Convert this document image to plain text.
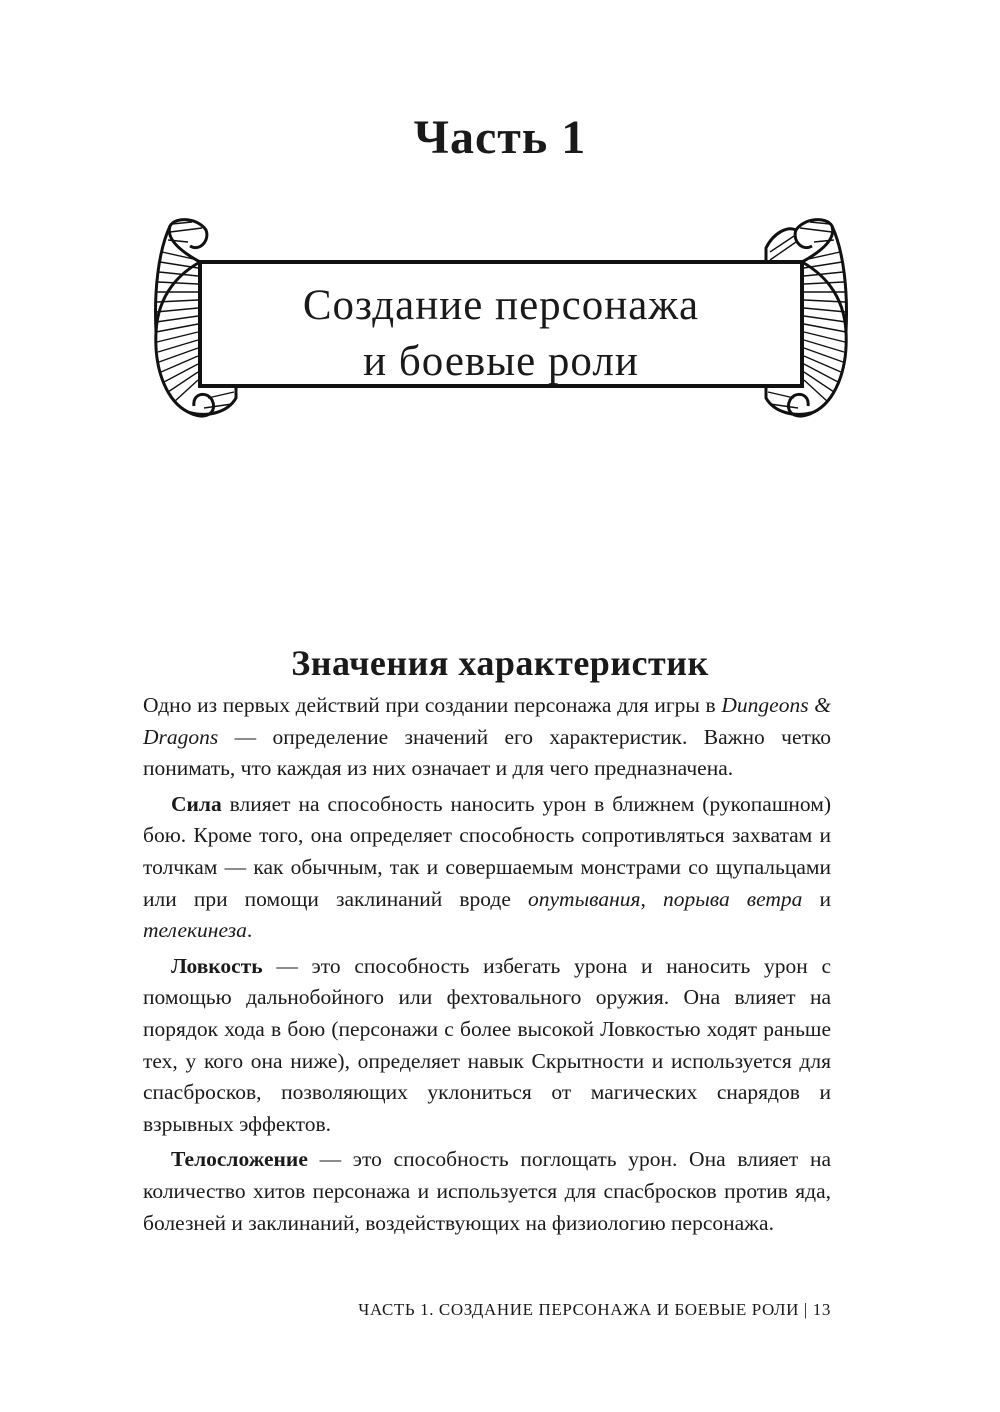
Часть 1
Создание персонажа
и боевые роли
Значения характеристик

Одно из первых действий при создании персонажа для игры в Dungeons & Dragons — определение значений его характеристик. Важно четко понимать, что каждая из них означает и для чего предназначена.

Сила влияет на способность наносить урон в ближнем (рукопашном) бою. Кроме того, она определяет способность сопротивляться захватам и толчкам — как обычным, так и совершаемым монстрами со щупальцами или при помощи заклинаний вроде опутывания, порыва ветра и телекинеза.

Ловкость — это способность избегать урона и наносить урон с помощью дальнобойного или фехтовального оружия. Она влияет на порядок хода в бою (персонажи с более высокой Ловкостью ходят раньше тех, у кого она ниже), определяет навык Скрытности и используется для спасбросков, позволяющих уклониться от магических снарядов и взрывных эффектов.

Телосложение — это способность поглощать урон. Она влияет на количество хитов персонажа и используется для спасбросков против яда, болезней и заклинаний, воздействующих на физиологию персонажа.

ЧАСТЬ 1. СОЗДАНИЕ ПЕРСОНАЖА И БОЕВЫЕ РОЛИ | 13
